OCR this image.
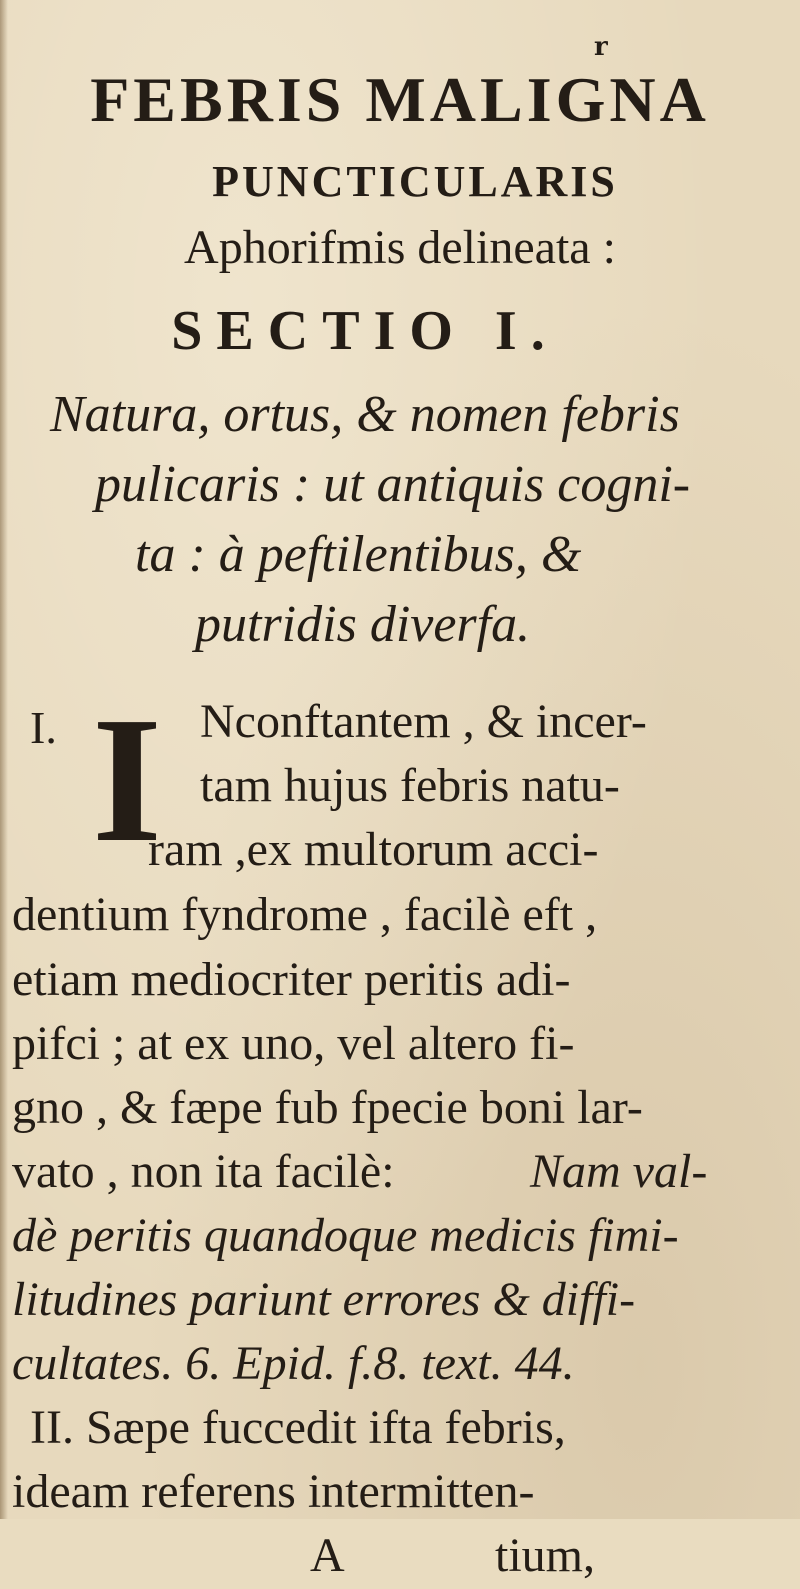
r
FEBRIS MALIGNA
PUNCTICULARIS
Aphorifmis delineata :
SECTIO I.
Natura, ortus, & nomen febris
pulicaris : ut antiquis cogni-
ta : à peftilentibus, &
putridis diverfa.
I. I Nconftantem , & incer-
tam hujus febris natu-
ram ,ex multorum acci-
dentium fyndrome , facilè eft ,
etiam mediocriter peritis adi-
pifci ; at ex uno, vel altero fi-
gno , & fæpe fub fpecie boni lar-
vato , non ita facilè:	Nam val-
dè peritis quandoque medicis fimi-
litudines pariunt errores & diffi-
cultates. 6. Epid. f.8. text. 44.
II. Sæpe fuccedit ifta febris,
ideam referens intermitten-
A	tium,
